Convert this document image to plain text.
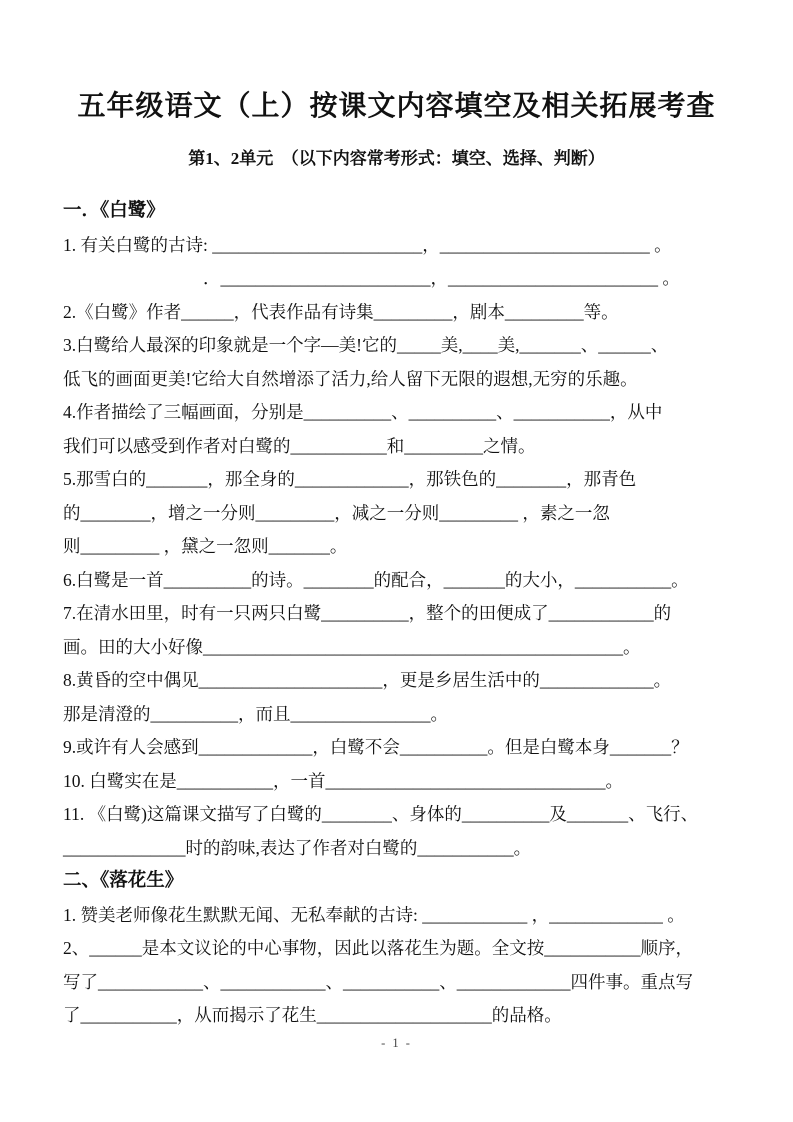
五年级语文（上）按课文内容填空及相关拓展考查
第1、2单元　（以下内容常考形式：填空、选择、判断）

一．《白鹭》

1. 有关白鹭的古诗: ________________________，________________________ 。

．________________________，________________________ 。

2.《白鹭》作者______，代表作品有诗集_________，剧本_________等。

3.白鹭给人最深的印象就是一个字—美!它的_____美,____美,_______、______、

低飞的画面更美!它给大自然增添了活力,给人留下无限的遐想,无穷的乐趣。

4.作者描绘了三幅画面，分别是__________、__________、___________，从中

我们可以感受到作者对白鹭的___________和_________之情。

5.那雪白的_______，那全身的_____________，那铁色的________，那青色

的________，增之一分则_________，减之一分则_________ ，素之一忽

则_________ ，黛之一忽则_______。

6.白鹭是一首__________的诗。________的配合，_______的大小，___________。

7.在清水田里，时有一只两只白鹭__________，整个的田便成了____________的

画。田的大小好像________________________________________________。

8.黄昏的空中偶见_____________________，更是乡居生活中的_____________。

那是清澄的__________，而且________________。

9.或许有人会感到_____________，白鹭不会__________。但是白鹭本身_______？

10. 白鹭实在是___________，一首________________________________。

11. 《白鹭)这篇课文描写了白鹭的________、身体的__________及_______、飞行、

______________时的韵味,表达了作者对白鹭的___________。

二、《落花生》

1. 赞美老师像花生默默无闻、无私奉献的古诗: ____________ ，_____________ 。

2、______是本文议论的中心事物，因此以落花生为题。全文按___________顺序，

写了____________、____________、___________、_____________四件事。重点写

了___________，从而揭示了花生____________________的品格。

- 1 -
